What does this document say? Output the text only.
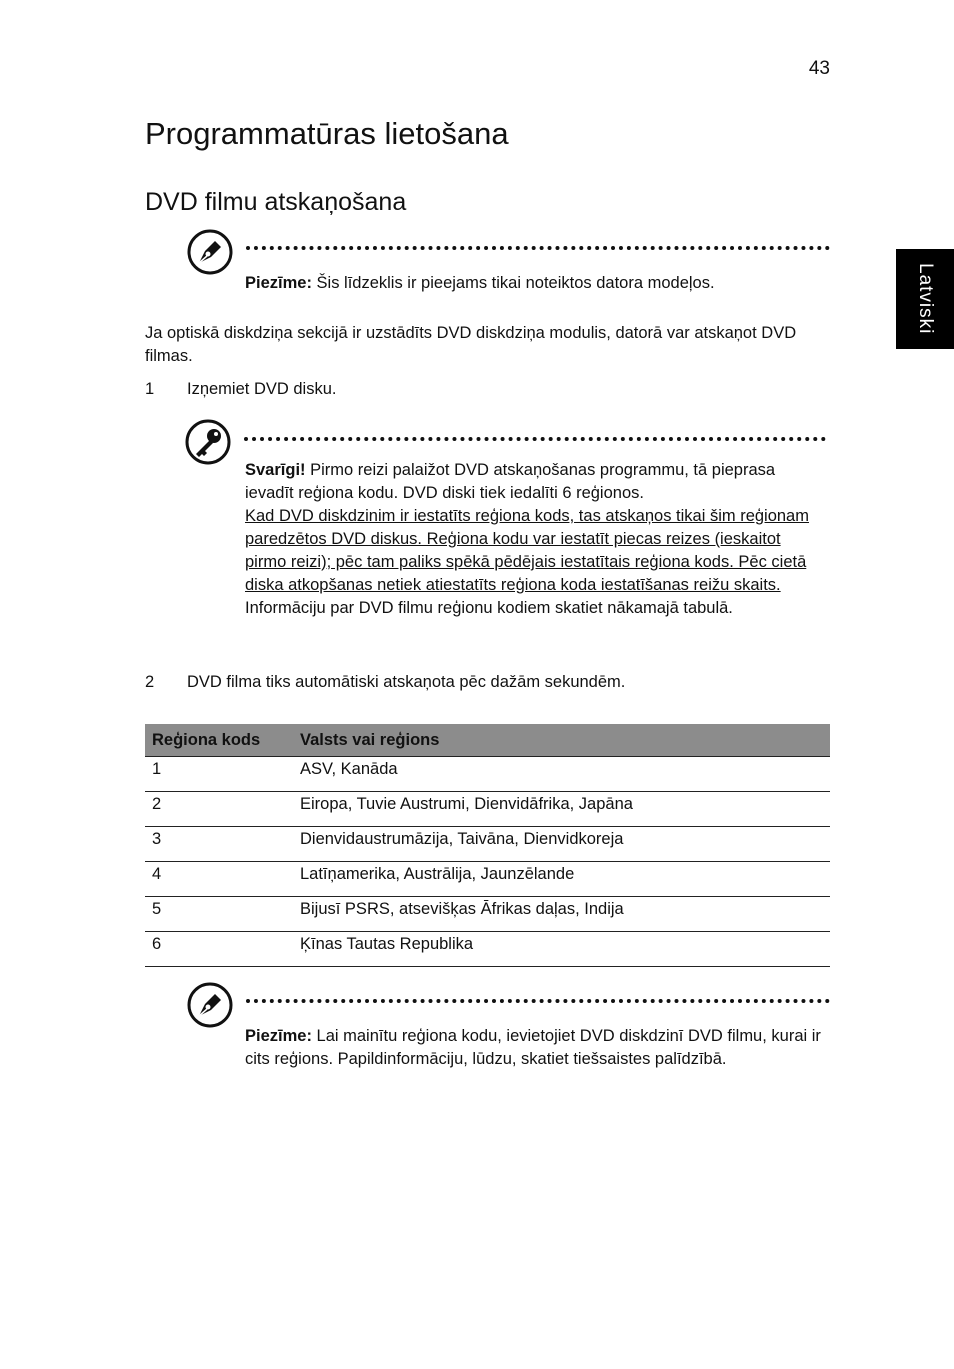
43
Latviski
Programmatūras lietošana
DVD filmu atskaņošana
Piezīme: Šis līdzeklis ir pieejams tikai noteiktos datora modeļos.
Ja optiskā diskdziņa sekcijā ir uzstādīts DVD diskdziņa modulis, datorā var atskaņot DVD filmas.
1 Izņemiet DVD disku.
Svarīgi! Pirmo reizi palaižot DVD atskaņošanas programmu, tā pieprasa ievadīt reģiona kodu. DVD diski tiek iedalīti 6 reģionos.
Kad DVD diskdzinim ir iestatīts reģiona kods, tas atskaņos tikai šim reģionam paredzētos DVD diskus. Reģiona kodu var iestatīt piecas reizes (ieskaitot pirmo reizi); pēc tam paliks spēkā pēdējais iestatītais reģiona kods. Pēc cietā diska atkopšanas netiek atiestatīts reģiona koda iestatīšanas reižu skaits. Informāciju par DVD filmu reģionu kodiem skatiet nākamajā tabulā.
2 DVD filma tiks automātiski atskaņota pēc dažām sekundēm.
Reģiona kods	Valsts vai reģions
1	ASV, Kanāda
2	Eiropa, Tuvie Austrumi, Dienvidāfrika, Japāna
3	Dienvidaustrumāzija, Taivāna, Dienvidkoreja
4	Latīņamerika, Austrālija, Jaunzēlande
5	Bijusī PSRS, atsevišķas Āfrikas daļas, Indija
6	Ķīnas Tautas Republika
Piezīme: Lai mainītu reģiona kodu, ievietojiet DVD diskdzinī DVD filmu, kurai ir cits reģions. Papildinformāciju, lūdzu, skatiet tiešsaistes palīdzībā.
